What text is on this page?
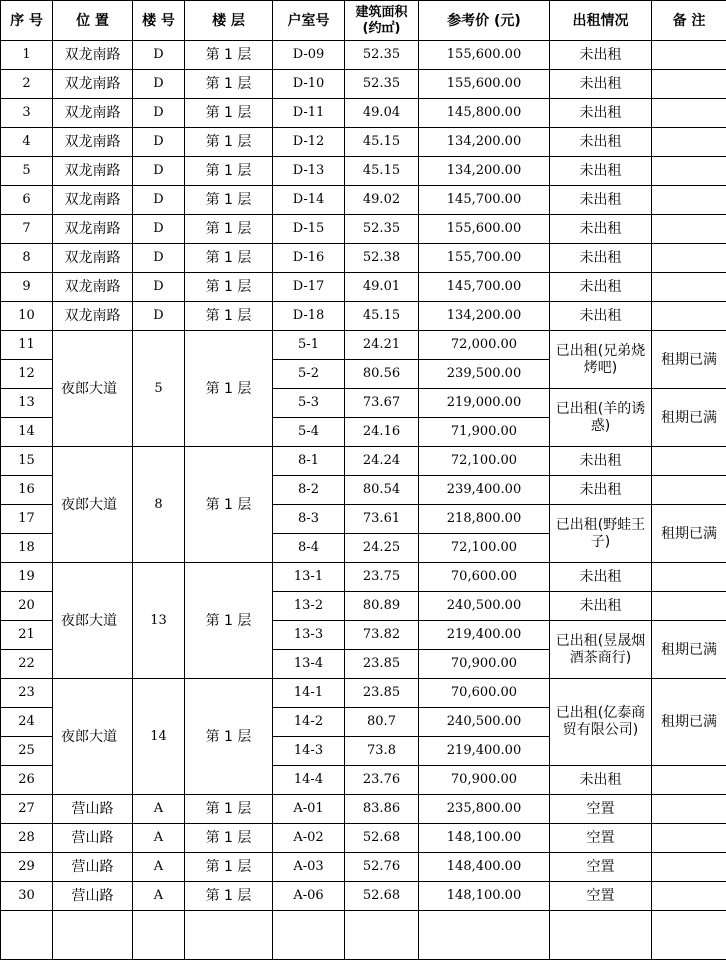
序 号	位 置	楼 号	楼 层	户室号	建筑面积
(约㎡)	参考价 (元)	出租情况	备 注
1	双龙南路	D	第 1 层	D-09	52.35	155,600.00	未出租	
2	双龙南路	D	第 1 层	D-10	52.35	155,600.00	未出租	
3	双龙南路	D	第 1 层	D-11	49.04	145,800.00	未出租	
4	双龙南路	D	第 1 层	D-12	45.15	134,200.00	未出租	
5	双龙南路	D	第 1 层	D-13	45.15	134,200.00	未出租	
6	双龙南路	D	第 1 层	D-14	49.02	145,700.00	未出租	
7	双龙南路	D	第 1 层	D-15	52.35	155,600.00	未出租	
8	双龙南路	D	第 1 层	D-16	52.38	155,700.00	未出租	
9	双龙南路	D	第 1 层	D-17	49.01	145,700.00	未出租	
10	双龙南路	D	第 1 层	D-18	45.15	134,200.00	未出租	
11	夜郎大道	5	第 1 层	5-1	24.21	72,000.00	已出租(兄弟烧烤吧)	租期已满
12				5-2	80.56	239,500.00		
13				5-3	73.67	219,000.00	已出租(羊的诱惑)	租期已满
14				5-4	24.16	71,900.00		
15	夜郎大道	8	第 1 层	8-1	24.24	72,100.00	未出租	
16				8-2	80.54	239,400.00	未出租	
17				8-3	73.61	218,800.00	已出租(野蛙王子)	租期已满
18				8-4	24.25	72,100.00		
19	夜郎大道	13	第 1 层	13-1	23.75	70,600.00	未出租	
20				13-2	80.89	240,500.00	未出租	
21				13-3	73.82	219,400.00	已出租(昱晟烟酒茶商行)	租期已满
22				13-4	23.85	70,900.00		
23	夜郎大道	14	第 1 层	14-1	23.85	70,600.00	已出租(亿泰商贸有限公司)	租期已满
24				14-2	80.7	240,500.00		
25				14-3	73.8	219,400.00		
26				14-4	23.76	70,900.00	未出租	
27	营山路	A	第 1 层	A-01	83.86	235,800.00	空置	
28	营山路	A	第 1 层	A-02	52.68	148,100.00	空置	
29	营山路	A	第 1 层	A-03	52.76	148,400.00	空置	
30	营山路	A	第 1 层	A-06	52.68	148,100.00	空置	
